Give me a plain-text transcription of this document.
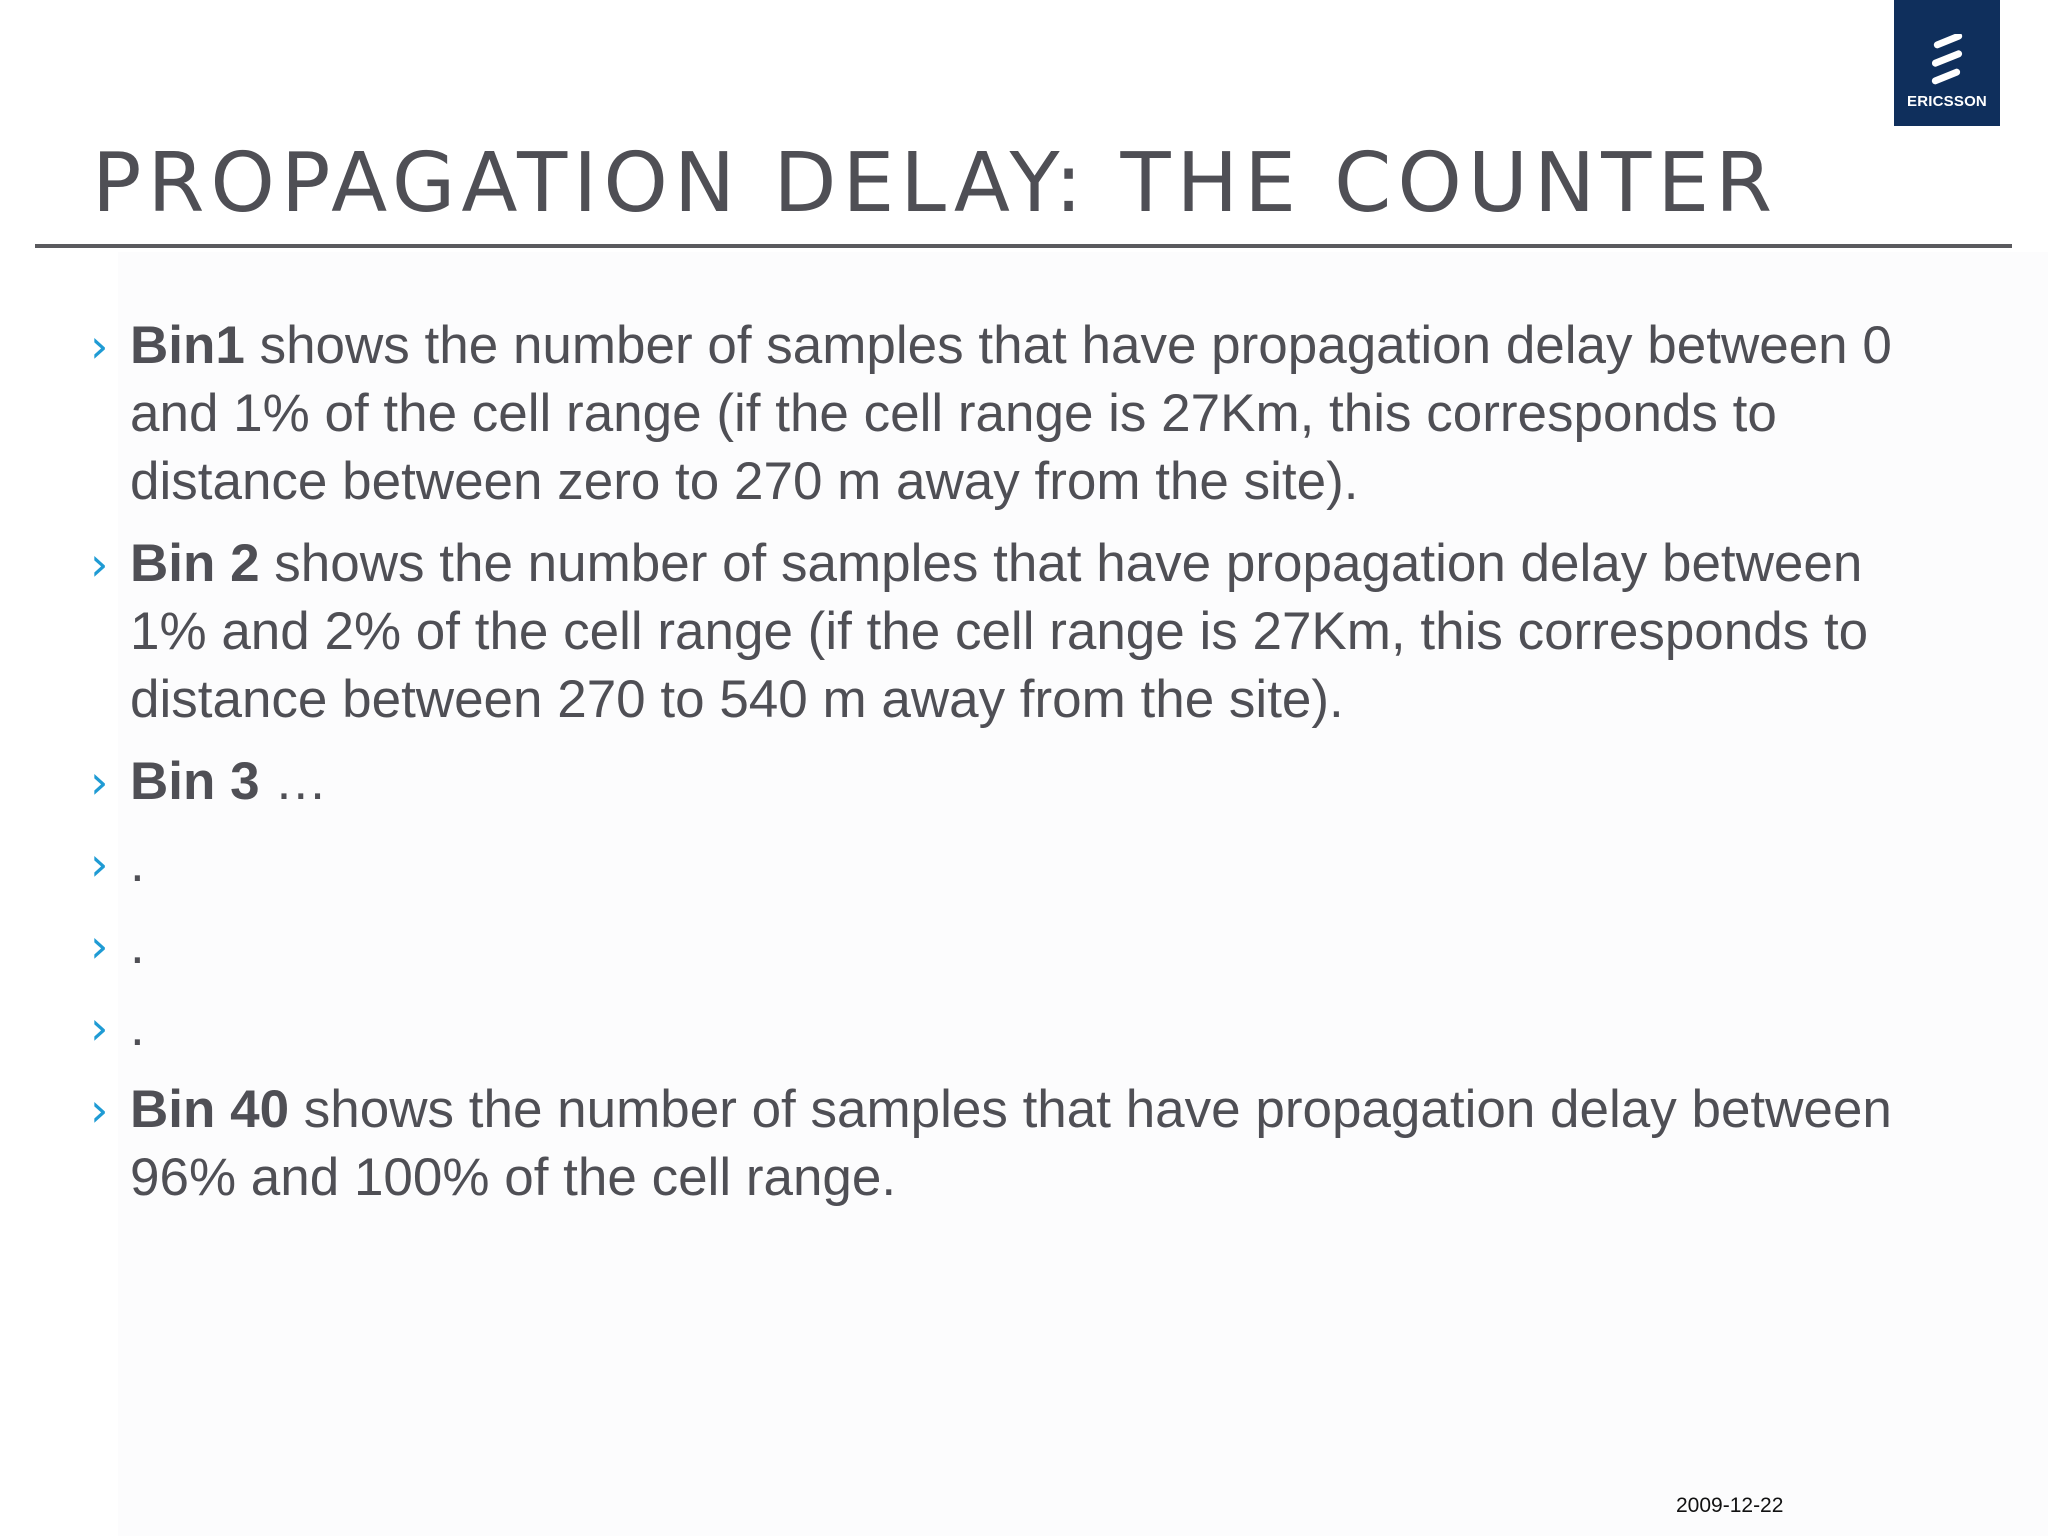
ERICSSON
PROPAGATION DELAY: THE COUNTER
› Bin1 shows the number of samples that have propagation delay between 0 and 1% of the cell range (if the cell range is 27Km, this corresponds to distance between zero to 270 m away from the site).
› Bin 2 shows the number of samples that have propagation delay between 1% and 2% of the cell range (if the cell range is 27Km, this corresponds to distance between 270 to 540 m away from the site).
› Bin 3 …
› .
› .
› .
› Bin 40 shows the number of samples that have propagation delay between 96% and 100% of the cell range.
2009-12-22
